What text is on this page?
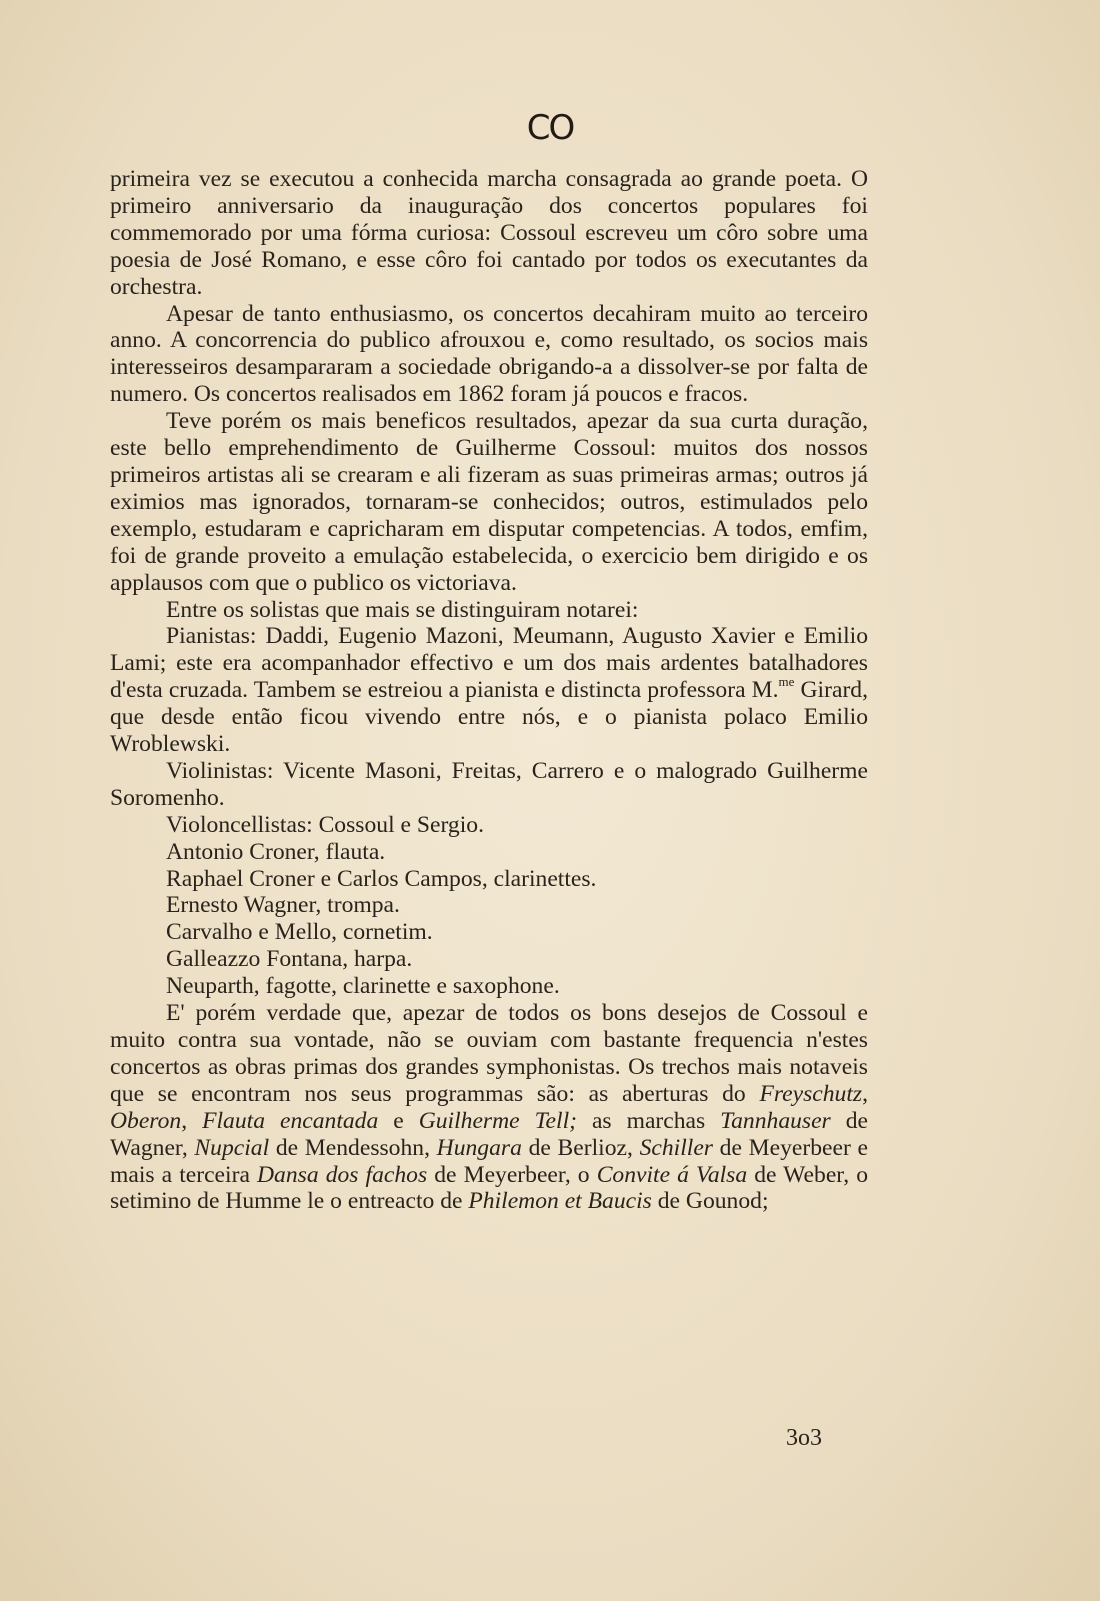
CO

primeira vez se executou a conhecida marcha consagrada ao grande poeta. O primeiro anniversario da inauguração dos concertos populares foi commemorado por uma fórma curiosa: Cossoul escreveu um côro sobre uma poesia de José Romano, e esse côro foi cantado por todos os executantes da orchestra.

Apesar de tanto enthusiasmo, os concertos decahiram muito ao terceiro anno. A concorrencia do publico afrouxou e, como resultado, os socios mais interesseiros desampararam a sociedade obrigando-a a dissolver-se por falta de numero. Os concertos realisados em 1862 foram já poucos e fracos.

Teve porém os mais beneficos resultados, apezar da sua curta duração, este bello emprehendimento de Guilherme Cossoul: muitos dos nossos primeiros artistas ali se crearam e ali fizeram as suas primeiras armas; outros já eximios mas ignorados, tornaram-se conhecidos; outros, estimulados pelo exemplo, estudaram e capricharam em disputar competencias. A todos, emfim, foi de grande proveito a emulação estabelecida, o exercicio bem dirigido e os applausos com que o publico os victoriava.

Entre os solistas que mais se distinguiram notarei:

Pianistas: Daddi, Eugenio Mazoni, Meumann, Augusto Xavier e Emilio Lami; este era acompanhador effectivo e um dos mais ardentes batalhadores d'esta cruzada. Tambem se estreiou a pianista e distincta professora M.$^{me}$ Girard, que desde então ficou vivendo entre nós, e o pianista polaco Emilio Wroblewski.

Violinistas: Vicente Masoni, Freitas, Carrero e o malogrado Guilherme Soromenho.

Violoncellistas: Cossoul e Sergio.

Antonio Croner, flauta.

Raphael Croner e Carlos Campos, clarinettes.

Ernesto Wagner, trompa.

Carvalho e Mello, cornetim.

Galleazzo Fontana, harpa.

Neuparth, fagotte, clarinette e saxophone.

E' porém verdade que, apezar de todos os bons desejos de Cossoul e muito contra sua vontade, não se ouviam com bastante frequencia n'estes concertos as obras primas dos grandes symphonistas. Os trechos mais notaveis que se encontram nos seus programmas são: as aberturas do Freyschutz, Oberon, Flauta encantada e Guilherme Tell; as marchas Tannhauser de Wagner, Nupcial de Mendessohn, Hungara de Berlioz, Schiller de Meyerbeer e mais a terceira Dansa dos fachos de Meyerbeer, o Convite á Valsa de Weber, o setimino de Humme le o entreacto de Philemon et Baucis de Gounod;

3o3
